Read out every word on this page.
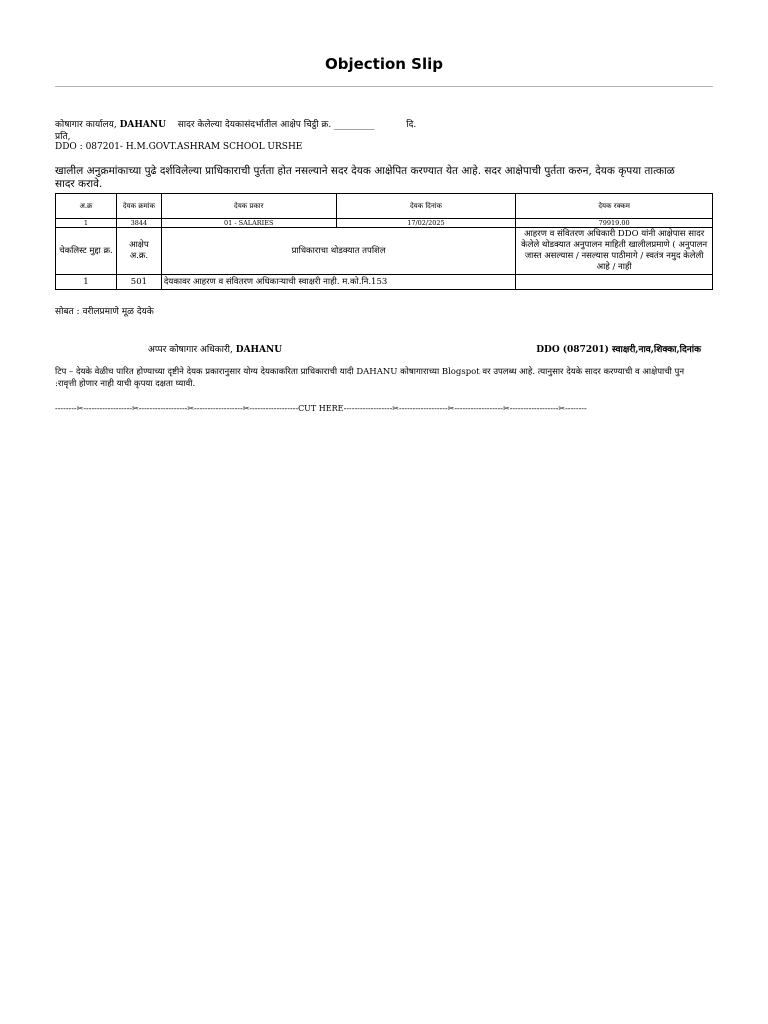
Objection Slip
कोषागार कार्यालय, DAHANU सादर केलेल्या देयकासंदर्भातील आक्षेप चिट्ठी क्र. _________	दि.
प्रति,
DDO : 087201- H.M.GOVT.ASHRAM SCHOOL URSHE
खालील अनुक्रमांकाच्या पुढे दर्शविलेल्या प्राधिकाराची पुर्तता होत नसल्याने सदर देयक आक्षेपित करण्यात येत आहे. सदर आक्षेपाची पुर्तता करुन, देयक कृपया तात्काळ सादर करावे.
अ.क्र	देयक क्रमांक	देयक प्रकार	देयक दिनांक	देयक रक्कम
1	3844	01 - SALARIES	17/02/2025	79919.00
चेकलिस्ट मुद्दा क्र.	आक्षेप अ.क्र.	प्राधिकाराचा थोडक्यात तपशिल		आहरण व संवितरण अधिकारी DDO यांनी आक्षेपास सादर केलेले थोडक्यात अनुपालन माहिती खालीलप्रमाणे ( अनुपालन जास्त असल्यास / नसल्यास पाठीमागे / स्वतंत्र नमुद केलेली आहे / नाही
1	501	देयकावर आहरण व संवितरण अधिकाऱ्याची स्वाक्षरी नाही. म.को.नि.153		
सोबत : वरीलप्रमाणे मूळ देयके
अप्पर कोषागार अधिकारी, DAHANU	DDO (087201) स्वाक्षरी,नाव,शिक्का,दिनांक
टिप – देयके वेळीच पारित होण्याच्या दृष्टीने देयक प्रकारानुसार योग्य देयकाकरिता प्राधिकाराची यादी DAHANU कोषागाराच्या Blogspot वर उपलब्ध आहे. त्यानुसार देयके सादर करण्याची व आक्षेपाची पुन :रावृत्ती होणार नाही याची कृपया दक्षता घ्यावी.
--------✂------------------✂------------------✂------------------✂------------------CUT HERE------------------✂------------------✂------------------✂------------------✂--------
